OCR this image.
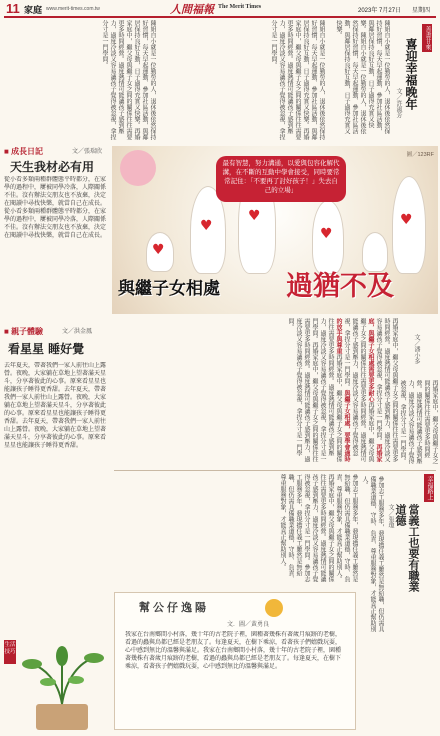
11 家庭 www.merit-times.com.tw	人間福報 The Merit Times
2023年 7月27日 星期四
陳姐自小就是一位勤勞的人，退休後依然保持好習慣，每天早起運動、參加社區活動，與鄰居保持良好互動，日子過得充實又快樂。再婚家庭中，繼父母與繼子女之間的關係往往需要更多時間經營。過度熱情可能讓孩子感到壓力，過度冷淡又容易讓孩子覺得被忽視，拿捏分寸是一門學問。	陳姐自小就是一位勤勞的人，退休後依然保持好習慣，每天早起運動、參加社區活動，與鄰居保持良好互動，日子過得充實又快樂。再婚家庭中，繼父母與繼子女之間的關係往往需要更多時間經營。過度熱情可能讓孩子感到壓力，過度冷淡又容易讓孩子覺得被忽視，拿捏分寸是一門學問。	陳姐自小就是一位勤勞的人，退休後依然保持好習慣，每天早起運動、參加社區活動，與鄰居保持良好互動，日子過得充實又快樂。陳姐自小就是一位勤勞的人，退休後依然保持好習慣，每天早起運動、參加社區活動，與鄰居保持良好互動，日子過得充實又快樂。	善書甘來
喜迎幸福晚年
文／許淑芳
■ 成長日記	文／張瑞欣
天生我材必有用
從小看多類兩種群體態平時都分，在家學的過程中，屢被同學冷落，人際關係不佳。沒有辦法交朋友也不放棄，決定在閱讀中尋找快樂，就當自己在成長。從小看多類兩種群體態平時都分，在家學的過程中，屢被同學冷落，人際關係不佳。沒有辦法交朋友也不放棄，決定在閱讀中尋找快樂，就當自己在成長。
■ 親子體驗	文／洪金鳳
看星星 睡好覺
去年夏天，帶著我們一家人前往山上露營。夜晚，大家躺在草地上望著滿天星斗，分享著彼此的心事。原來看星星也能讓孩子睡得更香甜。去年夏天，帶著我們一家人前往山上露營。夜晚，大家躺在草地上望著滿天星斗，分享著彼此的心事。原來看星星也能讓孩子睡得更香甜。去年夏天，帶著我們一家人前往山上露營。夜晚，大家躺在草地上望著滿天星斗，分享著彼此的心事。原來看星星也能讓孩子睡得更香甜。
生活
技巧
圖／123RF
♥
♥
♥
♥
♥
最有智慧，努力溝通，以愛與包容化解代溝，在不斷的互動中學會接受，同時要常常記住：「不要再了討好孩子！」失去自己的立場」
與繼子女相處 過猶不及
再婚家庭中，繼父母與繼子女之間的關係往往需要更多時間經營。過度熱情可能讓孩子感到壓力，過度冷淡又容易讓孩子覺得被忽視，拿捏分寸是一門學問。再婚家庭，與繼子女相處需要更多耐心再婚家庭中，繼父母與繼子女之間的關係往往需要更多時間經營。過度熱情可能讓孩子感到壓力，過度冷淡又容易讓孩子覺得被忽視，拿捏分寸是一門學問。與繼子女相處，要學會適時的放手與尊重再婚家庭中，繼父母與繼子女之間的關係往往需要更多時間經營。過度熱情可能讓孩子感到壓力，過度冷淡又容易讓孩子覺得被忽視，拿捏分寸是一門學問。再婚家庭中，繼父母與繼子女之間的關係往往需要更多時間經營。過度熱情可能讓孩子感到壓力，過度冷淡又容易讓孩子覺得被忽視，拿捏分寸是一門學問。
文／潘小多
再婚家庭中，繼父母與繼子女之間的關係往往需要更多時間經營。過度熱情可能讓孩子感到壓力，過度冷淡又容易讓孩子覺得被忽視，拿捏分寸是一門學問。
參加志工服務多年，發現擔任義工雖然是無給職，但仍需具備職業道德，守時、負責、尊重服務對象，才能真正幫助別人。再婚家庭中，繼父母與繼子女之間的關係往往需要更多時間經營。過度熱情可能讓孩子感到壓力，過度冷淡又容易讓孩子覺得被忽視，拿捏分寸是一門學問。參加志工服務多年，發現擔任義工雖然是無給職，但仍需具備職業道德，守時、負責、尊重服務對象，才能真正幫助別人。	幸福路上
當義工也要有職業道德
文／張瓊
參加志工服務多年，發現擔任義工雖然是無給職，但仍需具備職業道德，守時、負責、尊重服務對象，才能真正幫助別人。
幫公仔逸陽
文．圖／黃勇良
我家在台南鄉間小村落，幾十年的古老院子裡，園種著幾株有著歲月痕跡的老樹，看過的蟲與鳥都已經是老朋友了。每逢夏天，在樹下乘涼，看著孩子們嬉戲玩耍，心中感到無比的溫馨與滿足。我家在台南鄉間小村落，幾十年的古老院子裡，園種著幾株有著歲月痕跡的老樹，看過的蟲與鳥都已經是老朋友了。每逢夏天，在樹下乘涼，看著孩子們嬉戲玩耍，心中感到無比的溫馨與滿足。
